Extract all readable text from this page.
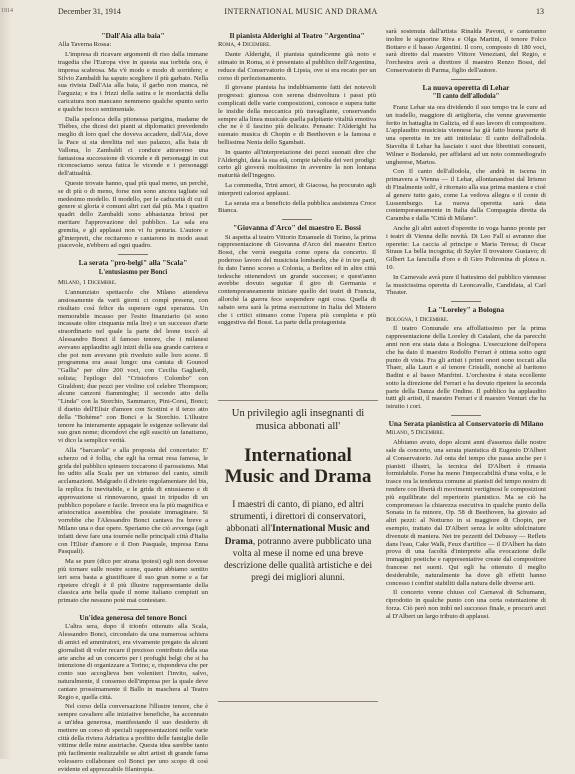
1914	December 31, 1914	INTERNATIONAL MUSIC AND DRAMA	13
"Dall'Aia alla baia"

Alla Taverna Rossa:

L'impresa di ricavare argomenti di riso dalla immane tragedia che l'Europa vive in questa sua torbida ora, è impresa scabrosa. Ma v'è modo e modo di sorridere; e Silvio Zambaldi ha saputo scegliere il più garbato. Nella sua rivista Dall'Aia alla baia, il garbo non manca, nè l'arguzia; e tra i frizzi della satira e le mordacità della caricatura non mancano nemmeno qualche spunto serio e qualche tocco sentimentale.

Dalla spelonca della pitonessa parigina, madame de Thèbes, che dicesi dei pianti ai diplomatici prevedendo meglio di loro quel che doveva accadere, dall'Aia, dove la Pace si sta derelitta nel suo palazzo, alla baia di Vallona, lo Zambaldi ci conduce attraverso una fantasiosa successione di vicende e di personaggi in cui riconosciamo senza fatica le vicende e i personaggi dell'attualità.

Queste trovate hanno, qual più qual meno, un perchè, se di più o di meno, forse non sono ancora tagliate sul medesimo modello. Il modello, per le caduceità di cui il genere si gloria è comuni altri cari dal più. Ma i quattro quadri dello Zambaldi sono abbastanza briosi per meritare l'approvazione del pubblico. La sala era gremita, e gli applausi non vi fu penuria. L'autore e gl'interpreti, che recitarono e cantarono in modo assai piacevole, n'ebbero ad ogni quadro.

La serata "pro-belgi" alla "Scala"
L'entusiasmo per Bonci

Milano, 1 Dicembre.

L'annunziato spettacolo che Milano attendeva ansiosamente da varii giorni ci compì presenz, con risultato così felice da superare ogni speranza. Un memorabile incasso per l'esito finanziario (si sono incassate oltre cinquanta mila lire) e un successo d'arte straordinario nel quale la parte del leone toccò al Alessandro Bonci il famoso tenore, che i milanesi avevano applaudito agli inizii della sua grande carriera e che poi non avevano più riveduto sulle loro scene. Il programma era assai lungo: una cantata di Gounod "Gallia" per oltre 200 voci, con Cecilia Gagliardi, solista; l'epilogo del "Cristoforo Colombo" con Giraldoni; due pezzi per violino col celebre Thompson; alcune canzoni fiamminghe; il secondo atto della "Linda" con la Storchio, Sammarco, Pini-Corsi, Bonci; il duetto dell'Elisir d'amore con Scottini e il terzo atto della "Bohème" con Bonci e la Storchio. L'illustre tenore ha interamente appagate le esigenze sollevate dal suo gran nome; dicendovi che egli suscitò un fanatismo, vi dico la semplice verità.

Alla "barcarola" e alla proposta del concertato: E' scherzo od è follia, che egli ha ormai resa famosa, le grida del pubblico spinsero toccarono il parossismo. Mai ho udito alla Scala per un virtuoso del canto, simili acclamazioni. Malgrado il divieto regolamentare del bis, la replica fu inevitabile, e le grida di entusiasmo e di approvazione si rinnovarono, quasi in tripudio di un pubblico popolare e facile. Invece era la più magnifica e aristocratica assemblea che possiate immaginare. Si vorrebbe che l'Alessandro Bonci cantava fra breve a Milano una o due opere. Speriamo che ciò avvenga (agli infatti deve fare una tournée nelle principali città d'Italia con l'Elisir d'amore e il Don Pasquale, impresa Enna Pasquali).

Ma se pure (dico per strana ipotesi) egli non dovesse più tornare sulle nostre scene, quanto abbiamo sentito ieri sera basta a giustificare il suo gran nome e a far ripetere ch'egli è il più illustre rappresentante della classica arte bella quale il nome italiano compiuti un primato che nessuno potè mai contestare.

Un'idea generosa del tenore Bonci

L'altra sera, dopo il trionfo ottenuto alla Scala, Alessandro Bonci, circondato da una numerosa schiera di amici ed ammiratori, era vivamente pregato da alcuni giornalisti di voler recare il prezioso contributo della sua arte anche ad un concerto per i profughi belgi che si ha intenzione di organizzare a Torino; e, rispondeva che per conto suo accoglieva ben volentieri l'invito, salvo, naturalmente, il consenso dell'impresa per la quale deve cantare prossimamente il Ballo in maschera al Teatro Regio e, quella città.

Nel corso della conversazione l'illustre tenore, che è sempre cavaliere alle iniziative benefiche, ha accennato a un'idea generosa, manifestando il suo desiderio di mettere un corso di speciali rappresentazioni nelle varie città della riviera Adriatica a profitto delle famiglie delle vittime delle mine austriache. Questa idea sarebbe tanto più facilmente realizzabile se altri artisti di grande fama volessero collaborare col Bonci per uno scopo di così evidente ed apprezzabile filantropia.

Il pianista Alderighi al Teatro "Argentina"

Roma, 4 Dicembre.

Dante Alderighi, il pianista quindicenne già noto e stimato in Roma, si è presentato al pubblico dell'Argentina, reduce dal Conservatorio di Lipsia, ove si era recato per un corso di perfezionamento.

Il giovane pianista ha indubbiamente fatti dei notevoli progressi: giunosa con serena disinvoltura i passi più complicati delle varie composizioni, conosce e supera tutte le insidie della meccanica più travagliante, conservando sempre alla linea musicale quella palpitante vitalità emotiva che ne è il fascino più delicato. Pensate: l'Alderighi ha suonato musica di Chopin e di Beethoven e la famosa e bellissima Nenia dello Sgambati.

In quanto all'interpretazione dei pezzi suonati dire che l'Alderighi, data la sua età, compie talvolta dei veri prodigi: certo gli gioverà moltissimo in avvenire la non lontana maturità dell'ingegno.

La commedia, Trini amori, di Giacosa, ha procurato agli interpreti calorosi applausi.

La serata era a beneficio della pubblica assistenza Croce Bianca.

"Giovanna d'Arco" del maestro E. Bossi

Si aspetta al teatro Vittorio Emanuele di Torino, la prima rappresentazione di Giovanna d'Arco del maestro Enrico Bossi, che verrà eseguita come opera da concerto. Il poderoso lavoro del musicista lombardo, che è in tre parti, fu dato l'anno scorso a Colonia, a Berlino ed in altre città tedesche ottenendovi un grande successo; e quest'anno avrebbe dovuto seguitar il giro di Germania e contemporaneamente iniziare quello dei teatri di Francia, allorchè la guerra fece sospendere ogni cosa. Quella di sabato sera sarà la prima esecuzione in Italia del Mistero che i critici stimano come l'opera più completa e più suggestiva del Bossi. La parte della protagonista

Un privilegio agli insegnanti di musica abbonati all'

International
Music and Drama

I maestri di canto, di piano, ed altri strumenti, i direttori di conservatori, abbonati all'International Music and Drama, potranno avere pubblicato una volta al mese il nome ed una breve descrizione delle qualità artistiche e dei pregi dei migliori alunni.

sarà sostenuta dall'artista Rinalda Pavoni, e canteranno inoltre le signorine Riva e Olga Martini, il tenore Folco Bottaro e il basso Argentini. Il coro, composto di 180 voci, sarà diretto dal maestro Vittore Veneziani, del Regio, e l'orchestra avrà a direttore il maestro Renzo Bossi, del Conservatorio di Parma, figlio dell'autore.

La nuova operetta di Lehar
"Il canto dell'allodola"

Franz Lehar sta ora dividendo il suo tempo tra le cure ad un tradello, maggiore di artiglieria, che venne gravemente ferito in battaglia in Galizia, ed il suo lavoro di compositore. L'applaudito musicista viennese ha già fatto buona parte di una operetta in tre atti intitolata: Il canto dell'allodola. Stavolta il Lehar ha lasciato i suoi due librettisti consueti, Wilner e Bodanski, per affidarsi ad un noto commediografo ungherese, Martos.

Con Il canto dell'allodola, che andrà in iscena in primavera a Vienna — il Lehar, allontanandosi dal lirismo di Finalmente soli!, è ritornato alla sua prima maniera e cioè al genere tutto gaio, come La vedova allegra e il conte di Lussemburgo. La nuova operetta sarà data contemporaneamente in Italia dalla Compagnia diretta da Caramba e dalla "Città di Milano".

Anche gli altri autori d'operette in voga hanno pronte per i teatri di Vienna delle novità. Di Leo Fall si avranno due operette: La caccia al principe e Maria Teresa; di Oscar Straus La bella incognita; di Szyler Il trovatore Gustavo; di Gilbert La fanciulla d'oro e di Giro Poltronina di plotea n. 10.

In Carnevale avrà pure il battesimo del pubblico viennese la musicissima operetta di Leoncavallo, Candidata, al Carl Theater.

La "Loreley" a Bologna

Bologna, 1 Dicembre.

Il teatro Comunale era affollatissimo per la prima rappresentazione della Loreley di Catalani, che da parecchi anni non era stata data a Bologna. L'esecuzione dell'opera che ha dato il maestro Rodolfo Ferrari è ottima sotto ogni punto di vista. Fra gli artisti i primi onori sono toccati alla Thaer, alla Lauri e al tenore Cristalli, nonchè al baritono Badini e al basso Manfrini. L'orchestra è stata eccellente sotto la direzione del Ferrari e ha dovuto ripetere la seconda parte della Danza delle Ondine. Il pubblico ha applaudito tutti gli artisti, il maestro Ferrari e il maestro Venturi che ha istruito i cori.

Una Serata pianistica al Conservatorio di Milano

Milano, 5 Dicembre.

Abbiamo avuto, dopo alcuni anni d'assenza dalle nostre sale da concerto, una serata pianistica di Eugenio D'Albert al Conservatorio. Ad onta del tempo che passa anche per i pianisti illustri, la tecnica del D'Albert è rimasta formidabile. Forse ha meno l'impeccabilità d'una volta, e le trasce ora la tendenza comune ai pianisti del tempo nostro di rendere con libertà di movimenti vertiginosi le composizioni più equilibrate del repertorio pianistico. Ma se ciò ha compromesso la chiarezza esecutiva in qualche punto della Sonata in fa minore, Op. 58 di Beethoven, ha giovato ad altri pezzi: al Notturno in si maggiore di Chopin, per esempio, trattato dal D'Albert senza le solite sdolcinature divenute di maniera. Nei tre pezzetti del Debussy — Reflets dans l'eau, Cake Walk, Feux d'artifice — il D'Albert ha dato prova di una facoltà d'interprete alla evocazione delle immagini poetiche e rappresentative create dal compositore francese nei suoni. Qui egli ha ottenuto il meglio desiderabile, naturalmente ha dove gli effetti hanno concesso i confini stabiliti dalla natura delle diverse arti.

Il concerto venne chiuso col Carnaval di Schumann, riprodotto in qualche punto con una certa ostentazione di forza. Ciò però non inibì nel successo finale, e procurò anzi al D'Albert un largo tributo di applausi.
